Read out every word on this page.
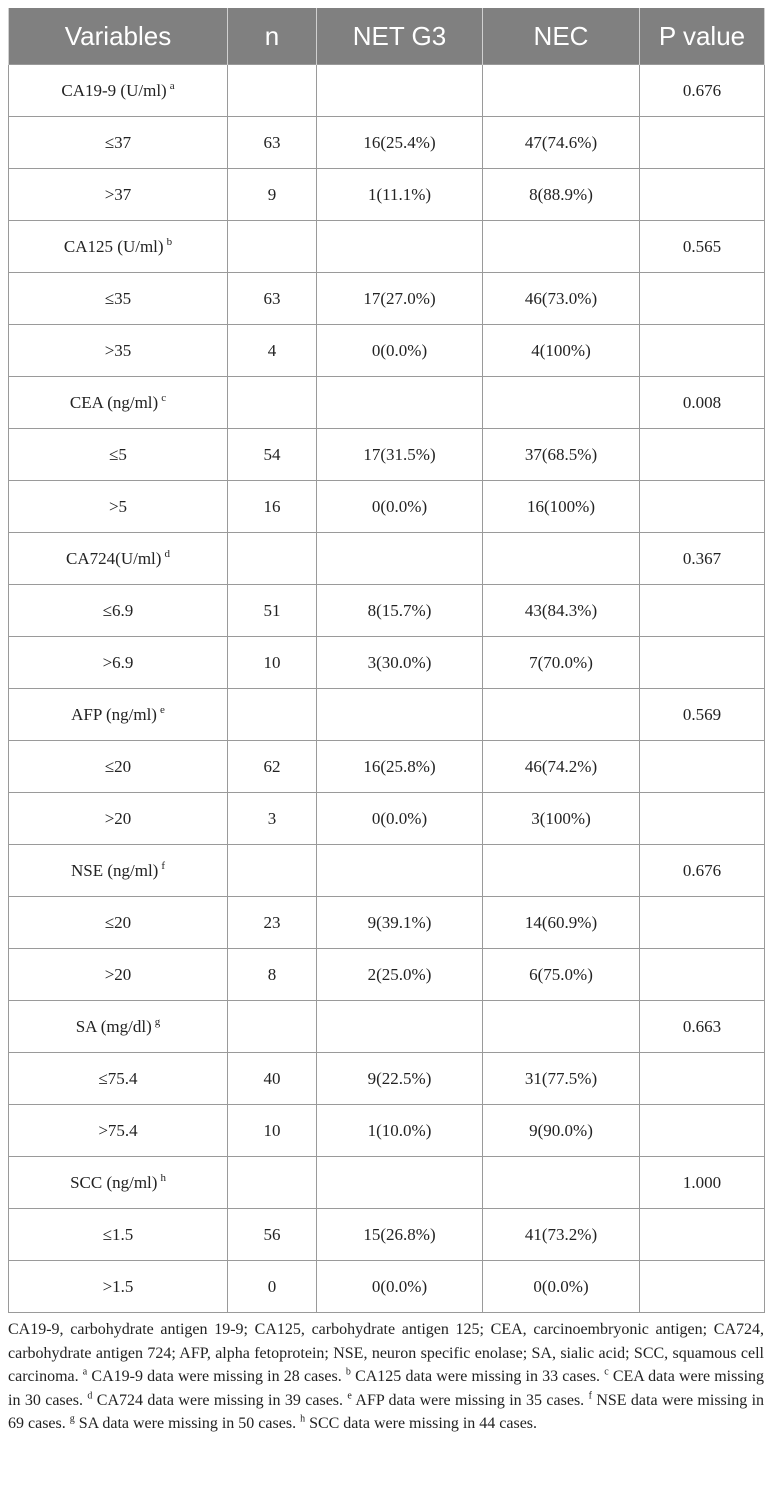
Variables	n	NET G3	NEC	P value
CA19-9 (U/ml) $^a$				0.676
≤37	63	16(25.4%)	47(74.6%)	
>37	9	1(11.1%)	8(88.9%)	
CA125 (U/ml) $^b$				0.565
≤35	63	17(27.0%)	46(73.0%)	
>35	4	0(0.0%)	4(100%)	
CEA (ng/ml) $^c$				0.008
≤5	54	17(31.5%)	37(68.5%)	
>5	16	0(0.0%)	16(100%)	
CA724(U/ml) $^d$				0.367
≤6.9	51	8(15.7%)	43(84.3%)	
>6.9	10	3(30.0%)	7(70.0%)	
AFP (ng/ml) $^e$				0.569
≤20	62	16(25.8%)	46(74.2%)	
>20	3	0(0.0%)	3(100%)	
NSE (ng/ml) $^f$				0.676
≤20	23	9(39.1%)	14(60.9%)	
>20	8	2(25.0%)	6(75.0%)	
SA (mg/dl) $^g$				0.663
≤75.4	40	9(22.5%)	31(77.5%)	
>75.4	10	1(10.0%)	9(90.0%)	
SCC (ng/ml) $^h$				1.000
≤1.5	56	15(26.8%)	41(73.2%)	
>1.5	0	0(0.0%)	0(0.0%)	

CA19-9, carbohydrate antigen 19-9; CA125, carbohydrate antigen 125; CEA, carcinoembryonic antigen; CA724, carbohydrate antigen 724; AFP, alpha fetoprotein; NSE, neuron specific enolase; SA, sialic acid; SCC, squamous cell carcinoma. $^a$ CA19-9 data were missing in 28 cases. $^b$ CA125 data were missing in 33 cases. $^c$ CEA data were missing in 30 cases. $^d$ CA724 data were missing in 39 cases. $^e$ AFP data were missing in 35 cases. $^f$ NSE data were missing in 69 cases. $^g$ SA data were missing in 50 cases. $^h$ SCC data were missing in 44 cases.
